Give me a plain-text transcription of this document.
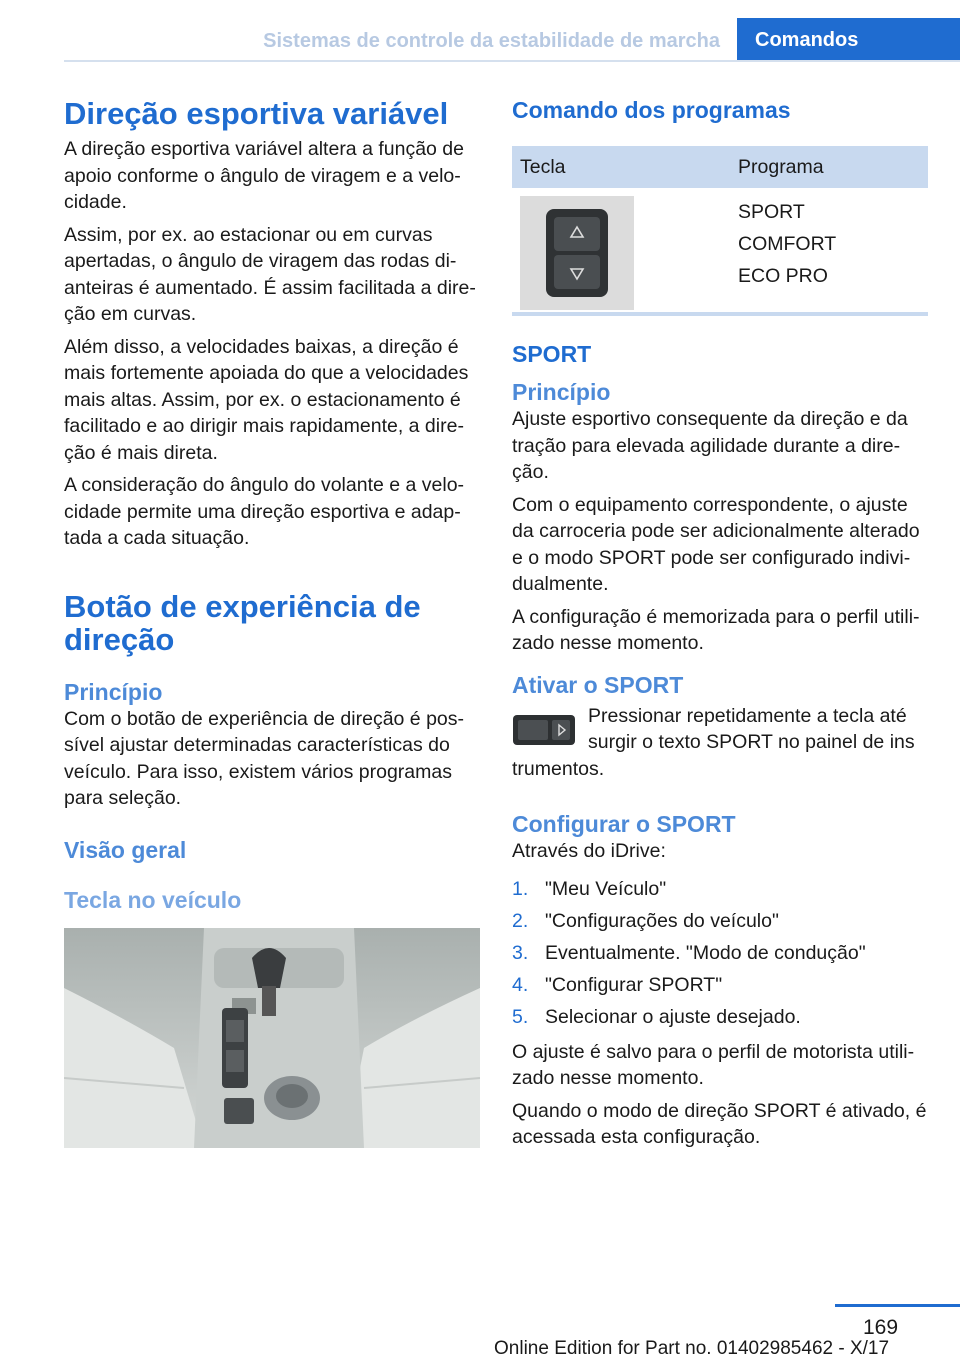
Sistemas de controle da estabilidade de marcha Comandos
Direção esportiva variável

A direção esportiva variável altera a função de apoio conforme o ângulo de viragem e a velocidade.

Assim, por ex. ao estacionar ou em curvas apertadas, o ângulo de viragem das rodas dianteiras é aumentado. É assim facilitada a direção em curvas.

Além disso, a velocidades baixas, a direção é mais fortemente apoiada do que a velocidades mais altas. Assim, por ex. o estacionamento é facilitado e ao dirigir mais rapidamente, a direção é mais direta.

A consideração do ângulo do volante e a velocidade permite uma direção esportiva e adaptada a cada situação.

Botão de experiência de direção
Princípio

Com o botão de experiência de direção é possível ajustar determinadas características do veículo. Para isso, existem vários programas para seleção.

Visão geral
Tecla no veículo
Comando dos programas
Tecla	Programa
SPORT
COMFORT
ECO PRO
SPORT
Princípio

Ajuste esportivo consequente da direção e da tração para elevada agilidade durante a direção.

Com o equipamento correspondente, o ajuste da carroceria pode ser adicionalmente alterado e o modo SPORT pode ser configurado individualmente.

A configuração é memorizada para o perfil utilizado nesse momento.

Ativar o SPORT

Pressionar repetidamente a tecla até surgir o texto SPORT no painel de ins

trumentos.

Configurar o SPORT

Através do iDrive:

1. "Meu Veículo"
2. "Configurações do veículo"
3. Eventualmente. "Modo de condução"
4. "Configurar SPORT"
5. Selecionar o ajuste desejado.

O ajuste é salvo para o perfil de motorista utilizado nesse momento.

Quando o modo de direção SPORT é ativado, é acessada esta configuração.

169
Online Edition for Part no. 01402985462 - X/17
